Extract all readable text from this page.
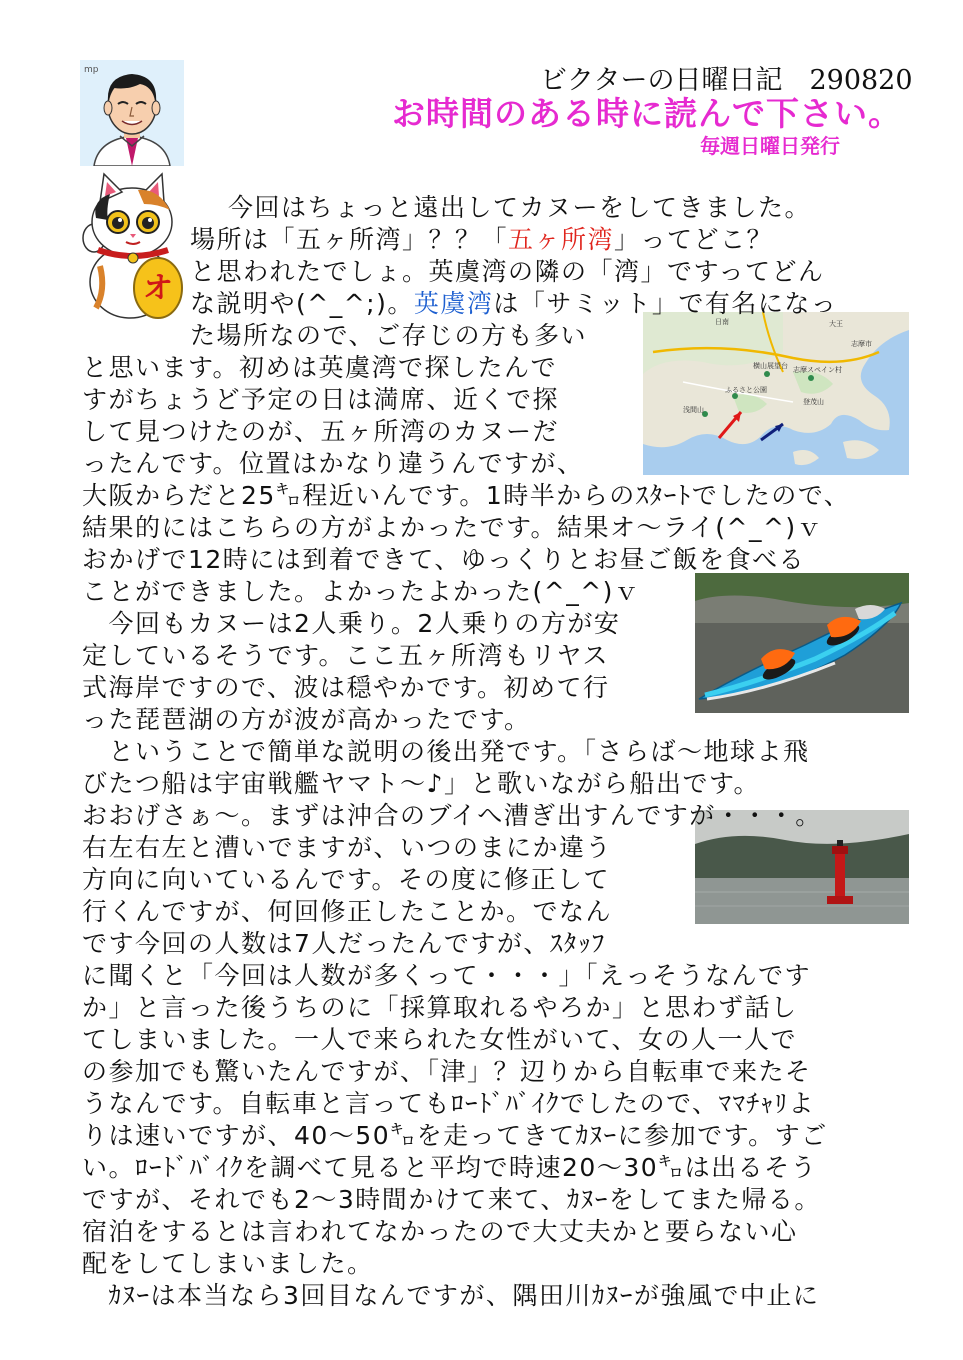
ビクターの日曜日記　290820
お時間のある時に読んで下さい。
毎週日曜日発行
mp
オ
日南	大王
志摩市
横山展望台
ふるさと公園
志摩スペイン村
登茂山
浅間山
今回はちょっと遠出してカヌーをしてきました。
場所は「五ヶ所湾」？？「五ヶ所湾」ってどこ？
と思われたでしょ。英虞湾の隣の「湾」ですってどん
な説明や(^_^;)。英虞湾は「サミット」で有名になっ
た場所なので、ご存じの方も多い
と思います。初めは英虞湾で探したんで
すがちょうど予定の日は満席、近くで探
して見つけたのが、五ヶ所湾のカヌーだ
ったんです。位置はかなり違うんですが、
大阪からだと25㌔程近いんです。1時半からのｽﾀｰﾄでしたので、
結果的にはこちらの方がよかったです。結果オ～ライ(^_^)ｖ
おかげで12時には到着できて、ゆっくりとお昼ご飯を食べる
ことができました。よかったよかった(^_^)ｖ
　今回もカヌーは2人乗り。2人乗りの方が安
定しているそうです。ここ五ヶ所湾もリヤス
式海岸ですので、波は穏やかです。初めて行
った琵琶湖の方が波が高かったです。
　ということで簡単な説明の後出発です。「さらば～地球よ飛
びたつ船は宇宙戦艦ヤマト～♪」と歌いながら船出です。
おおげさぁ～。まずは沖合のブイへ漕ぎ出すんですが・・・。
右左右左と漕いでますが、いつのまにか違う
方向に向いているんです。その度に修正して
行くんですが、何回修正したことか。でなん
です今回の人数は7人だったんですが、ｽﾀｯﾌ
に聞くと「今回は人数が多くって・・・」「えっそうなんです
か」と言った後うちのに「採算取れるやろか」と思わず話し
てしまいました。一人で来られた女性がいて、女の人一人で
の参加でも驚いたんですが、「津」？辺りから自転車で来たそ
うなんです。自転車と言ってもﾛｰﾄﾞﾊﾞｲｸでしたので、ﾏﾏﾁｬﾘよ
りは速いですが、40～50㌔を走ってきてｶﾇｰに参加です。すご
い。ﾛｰﾄﾞﾊﾞｲｸを調べて見ると平均で時速20～30㌔は出るそう
ですが、それでも2～3時間かけて来て、ｶﾇｰをしてまた帰る。
宿泊をするとは言われてなかったので大丈夫かと要らない心
配をしてしまいました。
　ｶﾇｰは本当なら3回目なんですが、隅田川ｶﾇｰが強風で中止に
